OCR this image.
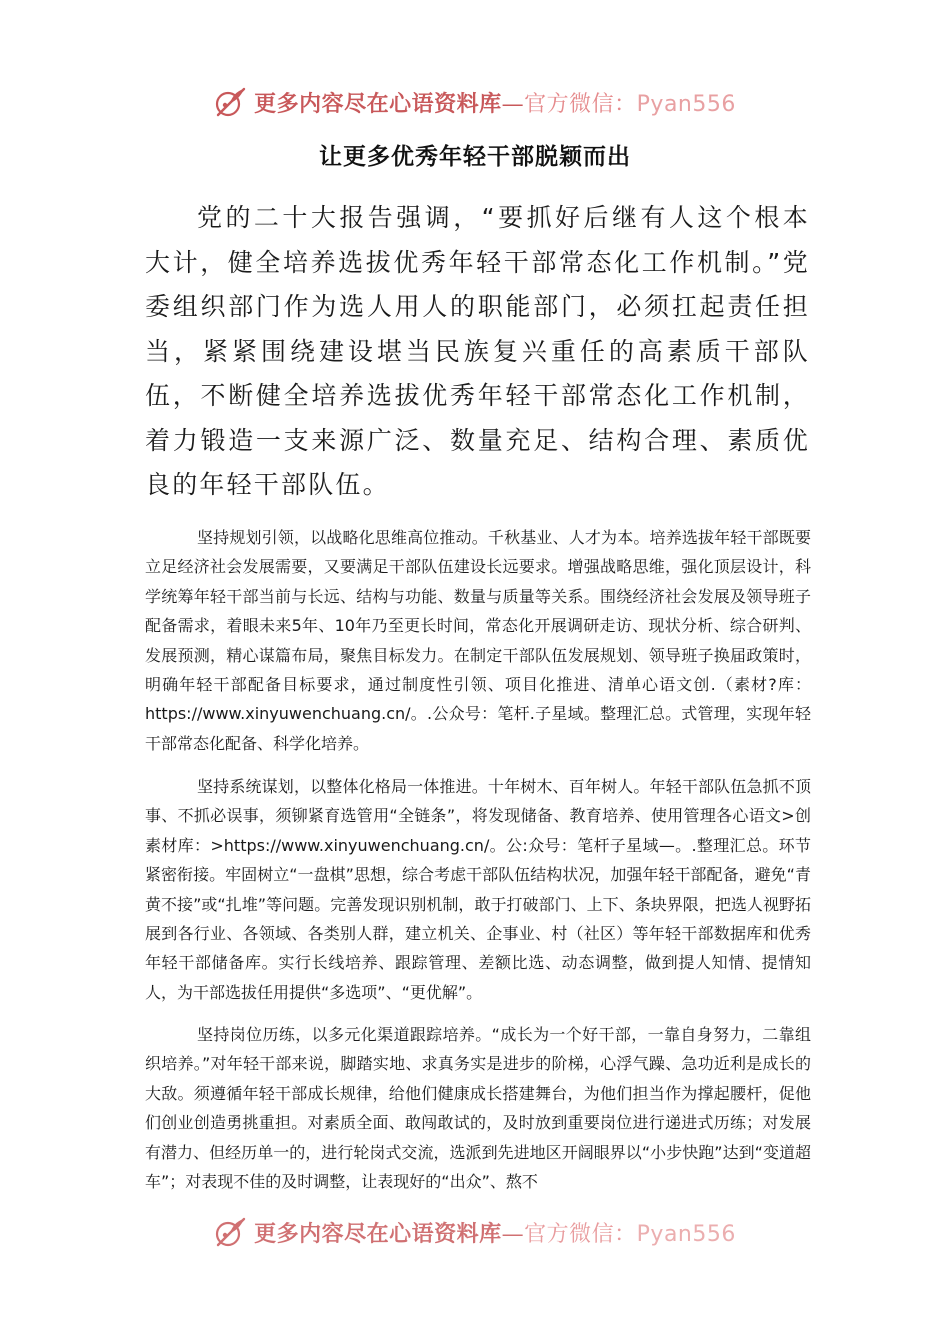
更多内容尽在心语资料库—官方微信：Pyan556
让更多优秀年轻干部脱颖而出

党的二十大报告强调，“要抓好后继有人这个根本大计，健全培养选拔优秀年轻干部常态化工作机制。”党委组织部门作为选人用人的职能部门，必须扛起责任担当，紧紧围绕建设堪当民族复兴重任的高素质干部队伍，不断健全培养选拔优秀年轻干部常态化工作机制，着力锻造一支来源广泛、数量充足、结构合理、素质优良的年轻干部队伍。

坚持规划引领，以战略化思维高位推动。千秋基业、人才为本。培养选拔年轻干部既要立足经济社会发展需要，又要满足干部队伍建设长远要求。增强战略思维，强化顶层设计，科学统筹年轻干部当前与长远、结构与功能、数量与质量等关系。围绕经济社会发展及领导班子配备需求，着眼未来5年、10年乃至更长时间，常态化开展调研走访、现状分析、综合研判、发展预测，精心谋篇布局，聚焦目标发力。在制定干部队伍发展规划、领导班子换届政策时，明确年轻干部配备目标要求，通过制度性引领、项目化推进、清单心语文创.（素材?库：https://www.xinyuwenchuang.cn/。.公众号：笔杆.子星域。整理汇总。式管理，实现年轻干部常态化配备、科学化培养。

坚持系统谋划，以整体化格局一体推进。十年树木、百年树人。年轻干部队伍急抓不顶事、不抓必误事，须铆紧育选管用“全链条”，将发现储备、教育培养、使用管理各心语文>创素材库：>https://www.xinyuwenchuang.cn/。公:众号：笔杆子星域—。.整理汇总。环节紧密衔接。牢固树立“一盘棋”思想，综合考虑干部队伍结构状况，加强年轻干部配备，避免“青黄不接”或“扎堆”等问题。完善发现识别机制，敢于打破部门、上下、条块界限，把选人视野拓展到各行业、各领域、各类别人群，建立机关、企事业、村（社区）等年轻干部数据库和优秀年轻干部储备库。实行长线培养、跟踪管理、差额比选、动态调整，做到提人知情、提情知人，为干部选拔任用提供“多选项”、“更优解”。

坚持岗位历练，以多元化渠道跟踪培养。“成长为一个好干部，一靠自身努力，二靠组织培养。”对年轻干部来说，脚踏实地、求真务实是进步的阶梯，心浮气躁、急功近利是成长的大敌。须遵循年轻干部成长规律，给他们健康成长搭建舞台，为他们担当作为撑起腰杆，促他们创业创造勇挑重担。对素质全面、敢闯敢试的，及时放到重要岗位进行递进式历练；对发展有潜力、但经历单一的，进行轮岗式交流，选派到先进地区开阔眼界以“小步快跑”达到“变道超车”；对表现不佳的及时调整，让表现好的“出众”、熬不

更多内容尽在心语资料库—官方微信：Pyan556
